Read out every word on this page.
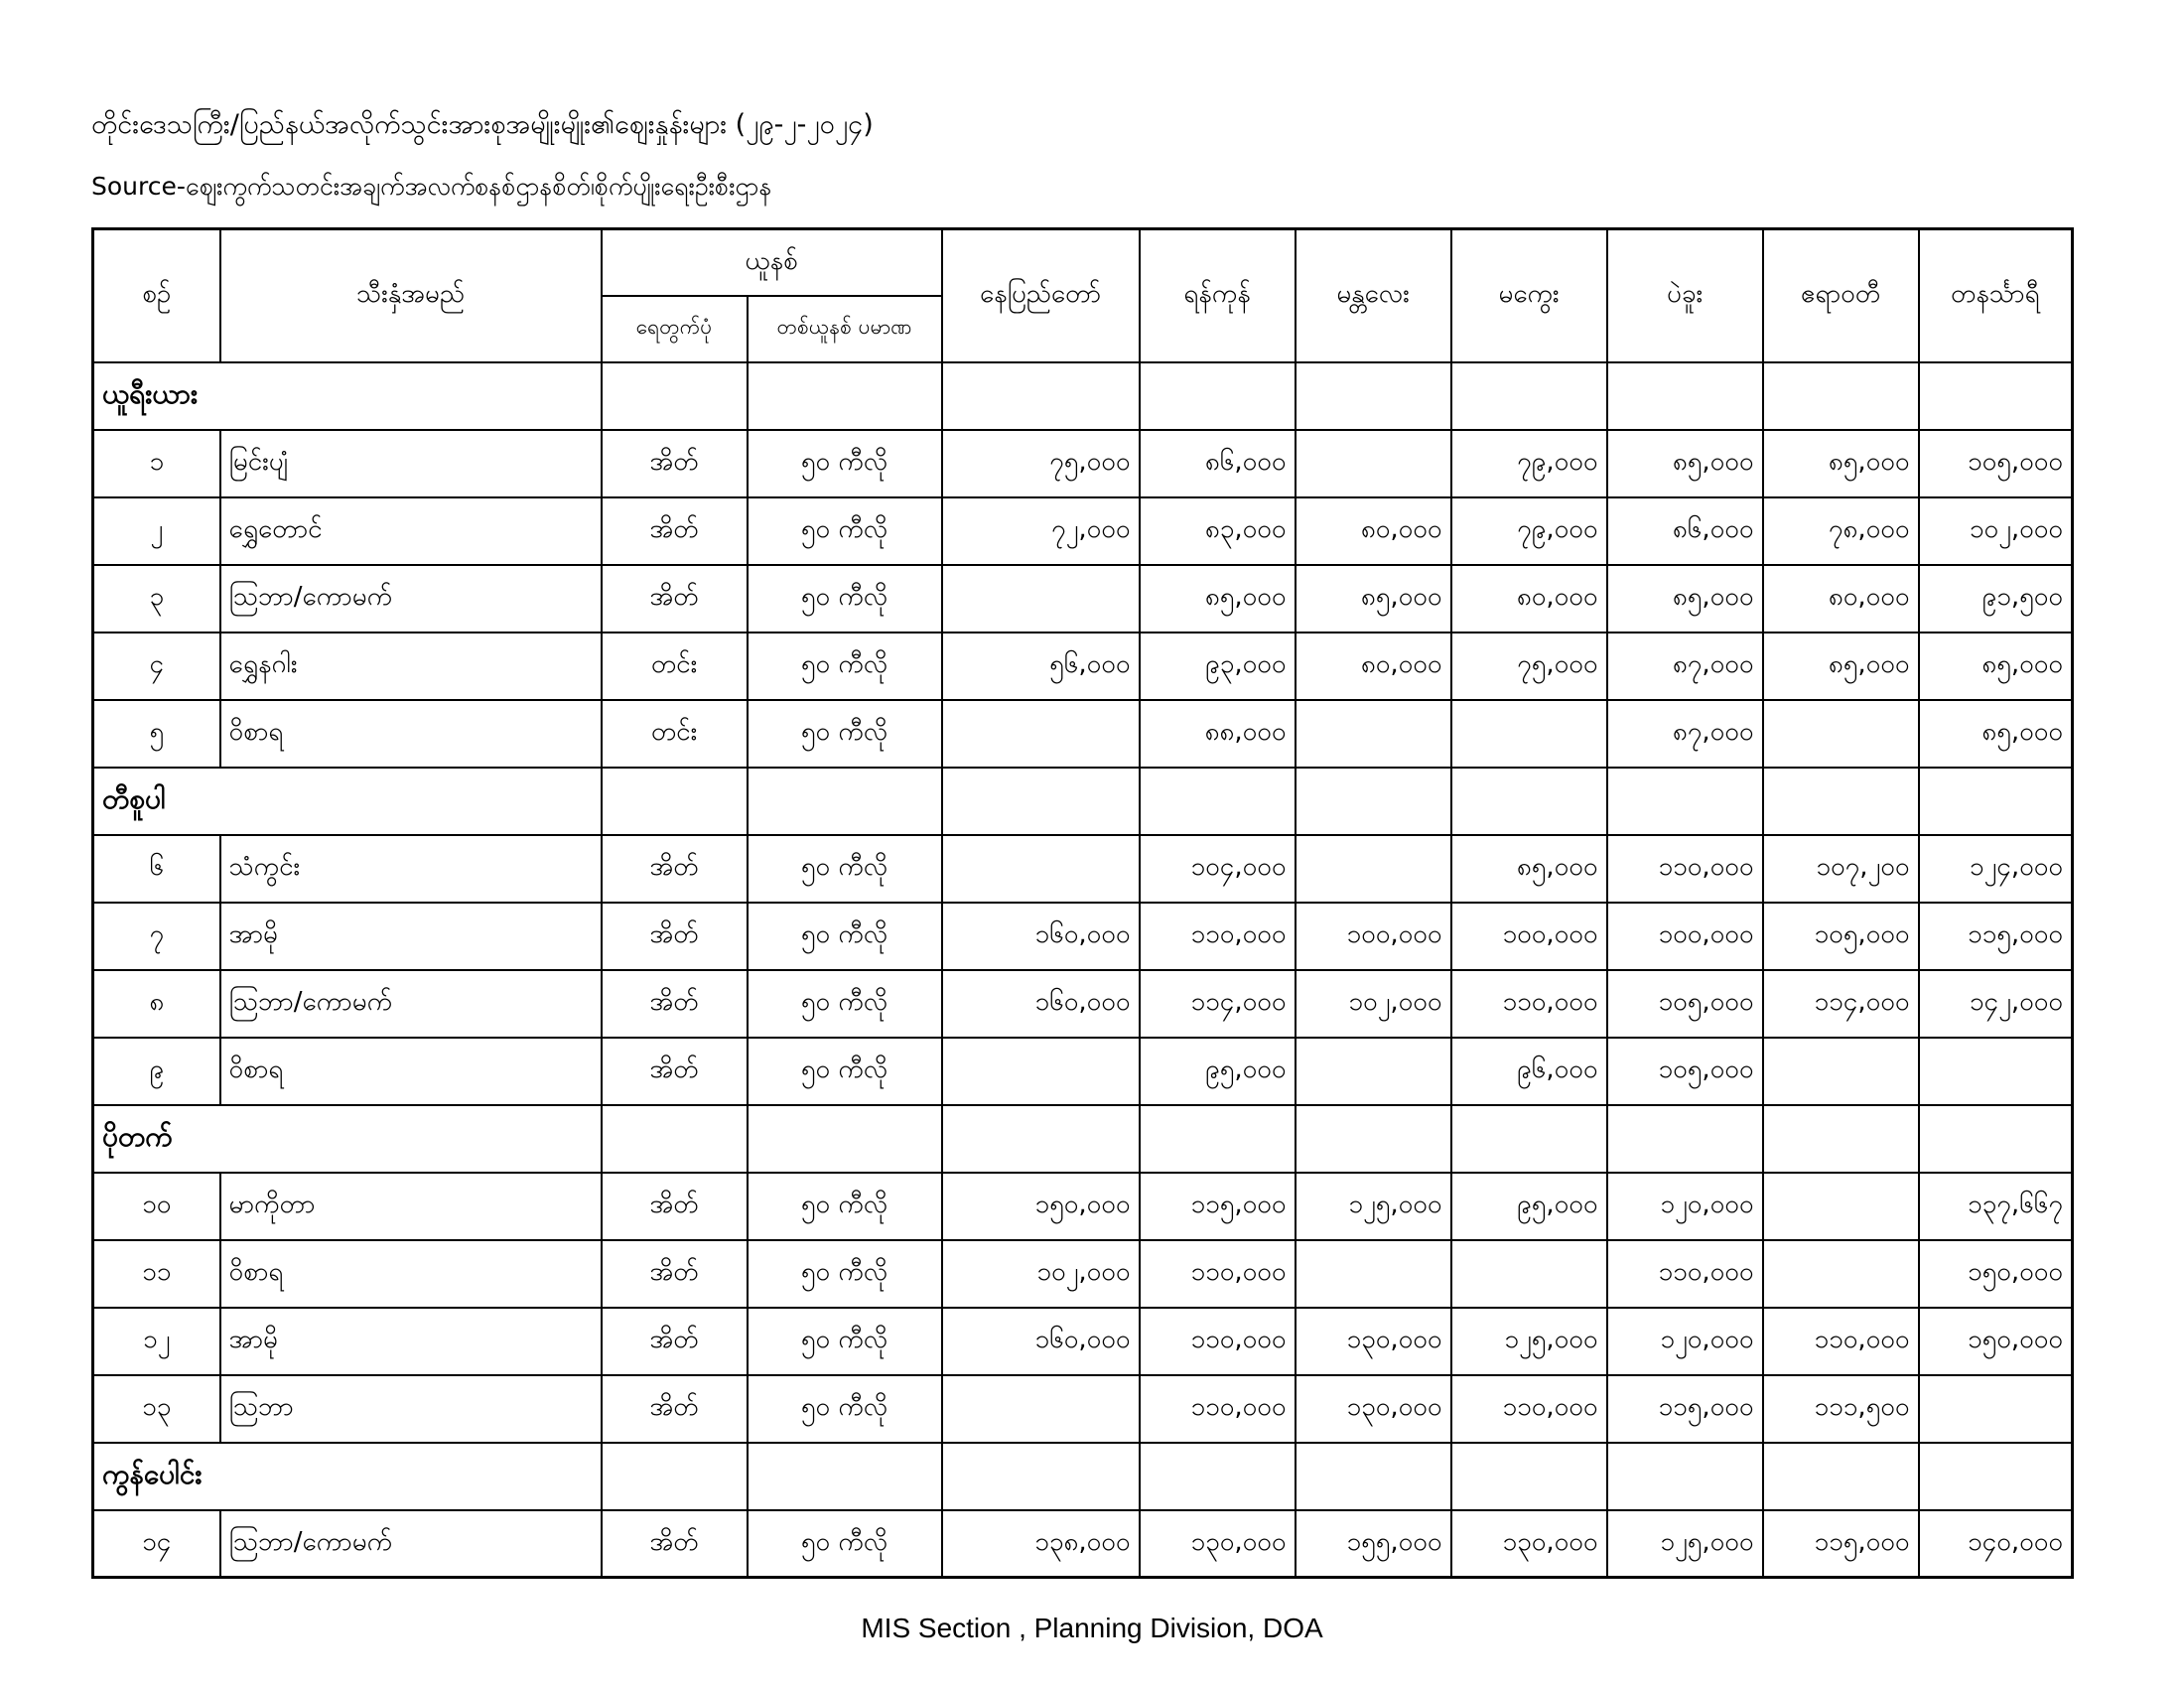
တိုင်းဒေသကြီး/ပြည်နယ်အလိုက်သွင်းအားစုအမျိုးမျိုး၏ဈေးနှုန်းများ (၂၉-၂-၂၀၂၄)
Source-ဈေးကွက်သတင်းအချက်အလက်စနစ်ဌာနစိတ်၊စိုက်ပျိုးရေးဦးစီးဌာန
စဉ်	သီးနှံအမည်	ယူနစ်		နေပြည်တော်	ရန်ကုန်	မန္တလေး	မကွေး	ပဲခူး	ဧရာဝတီ	တနင်္သာရီ
		ရေတွက်ပုံ	တစ်ယူနစ် ပမာဏ							
ယူရီးယား										
၁	မြင်းပျံ	အိတ်	၅၀ ကီလို	၇၅,၀၀၀	၈၆,၀၀၀		၇၉,၀၀၀	၈၅,၀၀၀	၈၅,၀၀၀	၁၀၅,၀၀၀
၂	ရွှေတောင်	အိတ်	၅၀ ကီလို	၇၂,၀၀၀	၈၃,၀၀၀	၈၀,၀၀၀	၇၉,၀၀၀	၈၆,၀၀၀	၇၈,၀၀၀	၁၀၂,၀၀၀
၃	သြဘာ/ကောမက်	အိတ်	၅၀ ကီလို		၈၅,၀၀၀	၈၅,၀၀၀	၈၀,၀၀၀	၈၅,၀၀၀	၈၀,၀၀၀	၉၁,၅၀၀
၄	ရွှေနဂါး	တင်း	၅၀ ကီလို	၅၆,၀၀၀	၉၃,၀၀၀	၈၀,၀၀၀	၇၅,၀၀၀	၈၇,၀၀၀	၈၅,၀၀၀	၈၅,၀၀၀
၅	ဝိစာရ	တင်း	၅၀ ကီလို		၈၈,၀၀၀			၈၇,၀၀၀		၈၅,၀၀၀
တီစူပါ										
၆	သံကွင်း	အိတ်	၅၀ ကီလို		၁၀၄,၀၀၀		၈၅,၀၀၀	၁၁၀,၀၀၀	၁၀၇,၂၀၀	၁၂၄,၀၀၀
၇	အာမို	အိတ်	၅၀ ကီလို	၁၆၀,၀၀၀	၁၁၀,၀၀၀	၁၀၀,၀၀၀	၁၀၀,၀၀၀	၁၀၀,၀၀၀	၁၀၅,၀၀၀	၁၁၅,၀၀၀
၈	သြဘာ/ကောမက်	အိတ်	၅၀ ကီလို	၁၆၀,၀၀၀	၁၁၄,၀၀၀	၁၀၂,၀၀၀	၁၁၀,၀၀၀	၁၀၅,၀၀၀	၁၁၄,၀၀၀	၁၄၂,၀၀၀
၉	ဝိစာရ	အိတ်	၅၀ ကီလို		၉၅,၀၀၀		၉၆,၀၀၀	၁၀၅,၀၀၀		
ပိုတက်										
၁၀	မာကိုတာ	အိတ်	၅၀ ကီလို	၁၅၀,၀၀၀	၁၁၅,၀၀၀	၁၂၅,၀၀၀	၉၅,၀၀၀	၁၂၀,၀၀၀		၁၃၇,၆၆၇
၁၁	ဝိစာရ	အိတ်	၅၀ ကီလို	၁၀၂,၀၀၀	၁၁၀,၀၀၀			၁၁၀,၀၀၀		၁၅၀,၀၀၀
၁၂	အာမို	အိတ်	၅၀ ကီလို	၁၆၀,၀၀၀	၁၁၀,၀၀၀	၁၃၀,၀၀၀	၁၂၅,၀၀၀	၁၂၀,၀၀၀	၁၁၀,၀၀၀	၁၅၀,၀၀၀
၁၃	သြဘာ	အိတ်	၅၀ ကီလို		၁၁၀,၀၀၀	၁၃၀,၀၀၀	၁၁၀,၀၀၀	၁၁၅,၀၀၀	၁၁၁,၅၀၀	
ကွန်ပေါင်း										
၁၄	သြဘာ/ကောမက်	အိတ်	၅၀ ကီလို	၁၃၈,၀၀၀	၁၃၀,၀၀၀	၁၅၅,၀၀၀	၁၃၀,၀၀၀	၁၂၅,၀၀၀	၁၁၅,၀၀၀	၁၄၀,၀၀၀
MIS Section , Planning Division, DOA
